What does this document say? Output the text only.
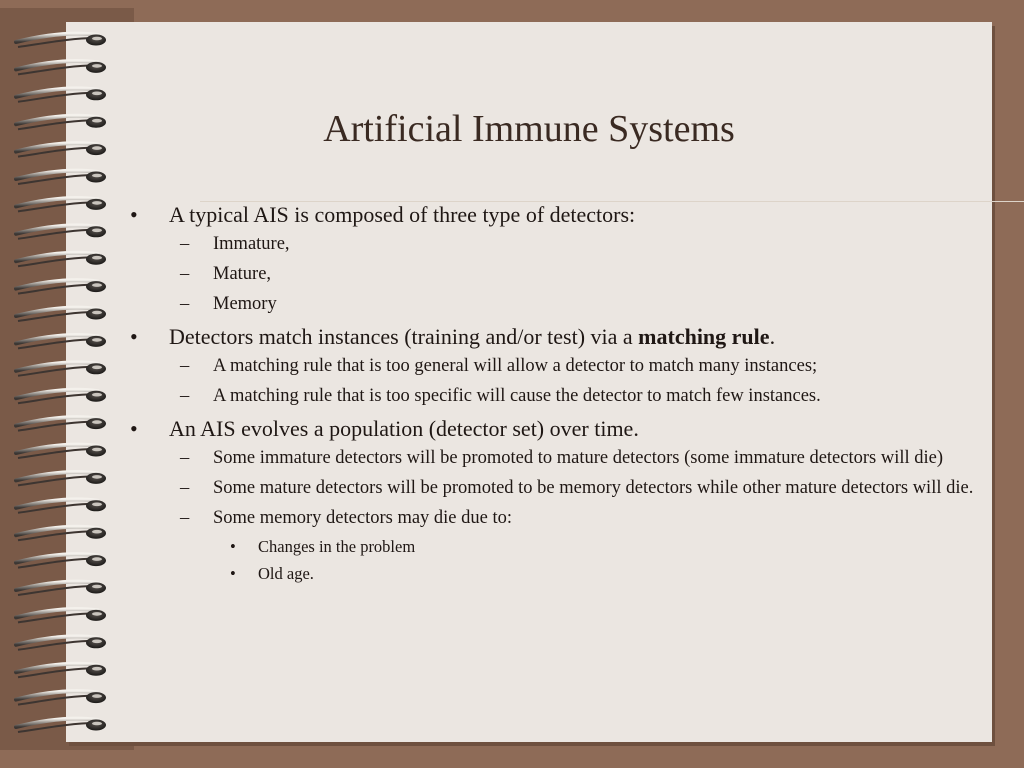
Artificial Immune Systems
• A typical AIS is composed of three type of detectors:
– Immature,
– Mature,
– Memory
• Detectors match instances (training and/or test) via a matching rule.
– A matching rule that is too general will allow a detector to match many instances;
– A matching rule that is too specific will cause the detector to match few instances.
• An AIS evolves a population (detector set) over time.
– Some immature detectors will be promoted to mature detectors (some immature detectors will die)
– Some mature detectors will be promoted to be memory detectors while other mature detectors will die.
– Some memory detectors may die due to:
• Changes in the problem
• Old age.
